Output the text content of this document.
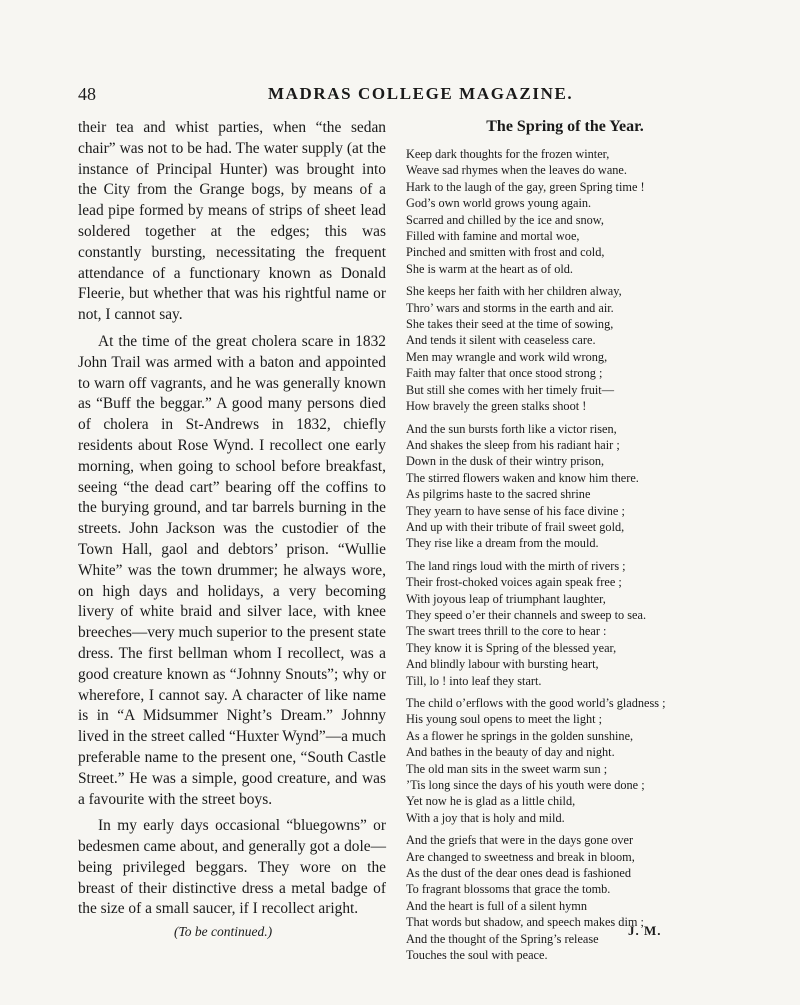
48	MADRAS COLLEGE MAGAZINE.

their tea and whist parties, when “the sedan chair” was not to be had. The water supply (at the instance of Principal Hunter) was brought into the City from the Grange bogs, by means of a lead pipe formed by means of strips of sheet lead soldered together at the edges; this was constantly bursting, necessitating the frequent attendance of a functionary known as Donald Fleerie, but whether that was his rightful name or not, I cannot say.

At the time of the great cholera scare in 1832 John Trail was armed with a baton and appointed to warn off vagrants, and he was generally known as “Buff the beggar.” A good many persons died of cholera in St-Andrews in 1832, chiefly residents about Rose Wynd. I recollect one early morning, when going to school before breakfast, seeing “the dead cart” bearing off the coffins to the burying ground, and tar barrels burning in the streets. John Jackson was the custodier of the Town Hall, gaol and debtors’ prison. “Wullie White” was the town drummer; he always wore, on high days and holidays, a very becoming livery of white braid and silver lace, with knee breeches—very much superior to the present state dress. The first bellman whom I recollect, was a good creature known as “Johnny Snouts”; why or wherefore, I cannot say. A character of like name is in “A Midsummer Night’s Dream.” Johnny lived in the street called “Huxter Wynd”—a much preferable name to the present one, “South Castle Street.” He was a simple, good creature, and was a favourite with the street boys.

In my early days occasional “bluegowns” or bedesmen came about, and generally got a dole—being privileged beggars. They wore on the breast of their distinctive dress a metal badge of the size of a small saucer, if I recollect aright.

(To be continued.)
The Spring of the Year.
Keep dark thoughts for the frozen winter,
Weave sad rhymes when the leaves do wane.
Hark to the laugh of the gay, green Spring time !
God’s own world grows young again.
Scarred and chilled by the ice and snow,
Filled with famine and mortal woe,
Pinched and smitten with frost and cold,
She is warm at the heart as of old.
She keeps her faith with her children alway,
Thro’ wars and storms in the earth and air.
She takes their seed at the time of sowing,
And tends it silent with ceaseless care.
Men may wrangle and work wild wrong,
Faith may falter that once stood strong ;
But still she comes with her timely fruit—
How bravely the green stalks shoot !
And the sun bursts forth like a victor risen,
And shakes the sleep from his radiant hair ;
Down in the dusk of their wintry prison,
The stirred flowers waken and know him there.
As pilgrims haste to the sacred shrine
They yearn to have sense of his face divine ;
And up with their tribute of frail sweet gold,
They rise like a dream from the mould.
The land rings loud with the mirth of rivers ;
Their frost-choked voices again speak free ;
With joyous leap of triumphant laughter,
They speed o’er their channels and sweep to sea.
The swart trees thrill to the core to hear :
They know it is Spring of the blessed year,
And blindly labour with bursting heart,
Till, lo ! into leaf they start.
The child o’erflows with the good world’s gladness ;
His young soul opens to meet the light ;
As a flower he springs in the golden sunshine,
And bathes in the beauty of day and night.
The old man sits in the sweet warm sun ;
’Tis long since the days of his youth were done ;
Yet now he is glad as a little child,
With a joy that is holy and mild.
And the griefs that were in the days gone over
Are changed to sweetness and break in bloom,
As the dust of the dear ones dead is fashioned
To fragrant blossoms that grace the tomb.
And the heart is full of a silent hymn
That words but shadow, and speech makes dim ;
And the thought of the Spring’s release
Touches the soul with peace.
J. M.
